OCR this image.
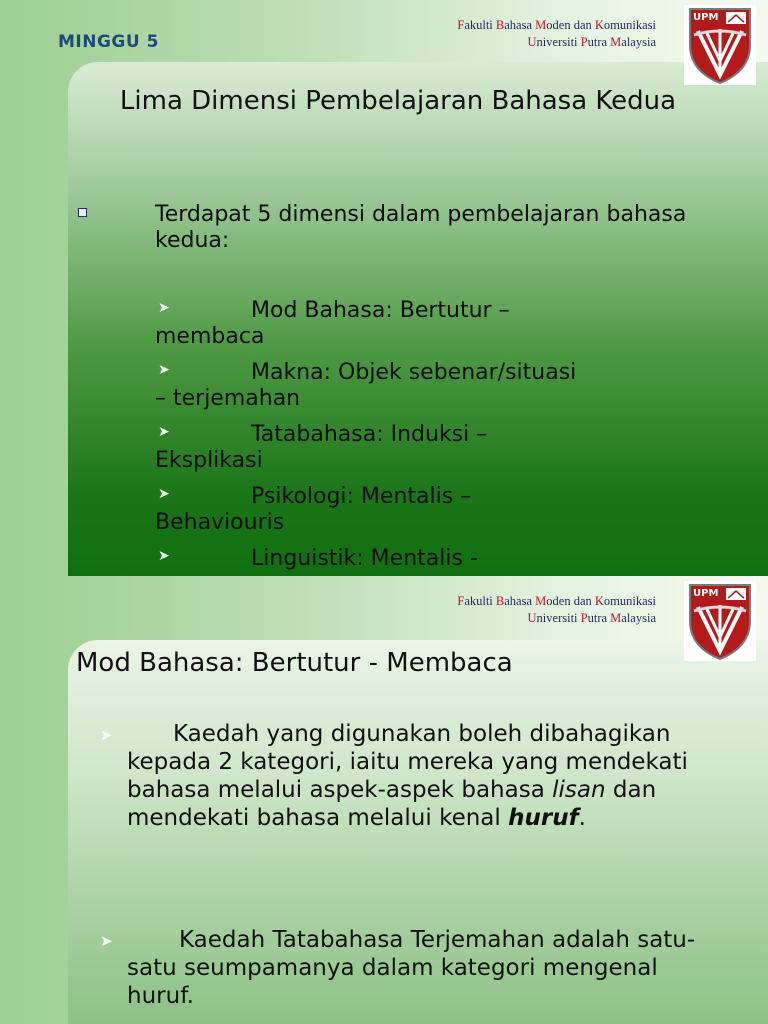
MINGGU 5
Fakulti Bahasa Moden dan Komunikasi
Universiti Putra Malaysia
UPM
Lima Dimensi Pembelajaran Bahasa Kedua
Terdapat 5 dimensi dalam pembelajaran bahasa kedua:
➤	Mod Bahasa: Bertutur –
membaca
➤	Makna: Objek sebenar/situasi
– terjemahan
➤	Tatabahasa: Induksi –
Eksplikasi
➤	Psikologi: Mentalis –
Behaviouris
➤	Linguistik: Mentalis -
Fakulti Bahasa Moden dan Komunikasi
Universiti Putra Malaysia
UPM
Mod Bahasa: Bertutur - Membaca
➤	Kaedah yang digunakan boleh dibahagikan kepada 2 kategori, iaitu mereka yang mendekati bahasa melalui aspek-aspek bahasa lisan dan mendekati bahasa melalui kenal huruf.
➤	Kaedah Tatabahasa Terjemahan adalah satu-satu seumpamanya dalam kategori mengenal huruf.
